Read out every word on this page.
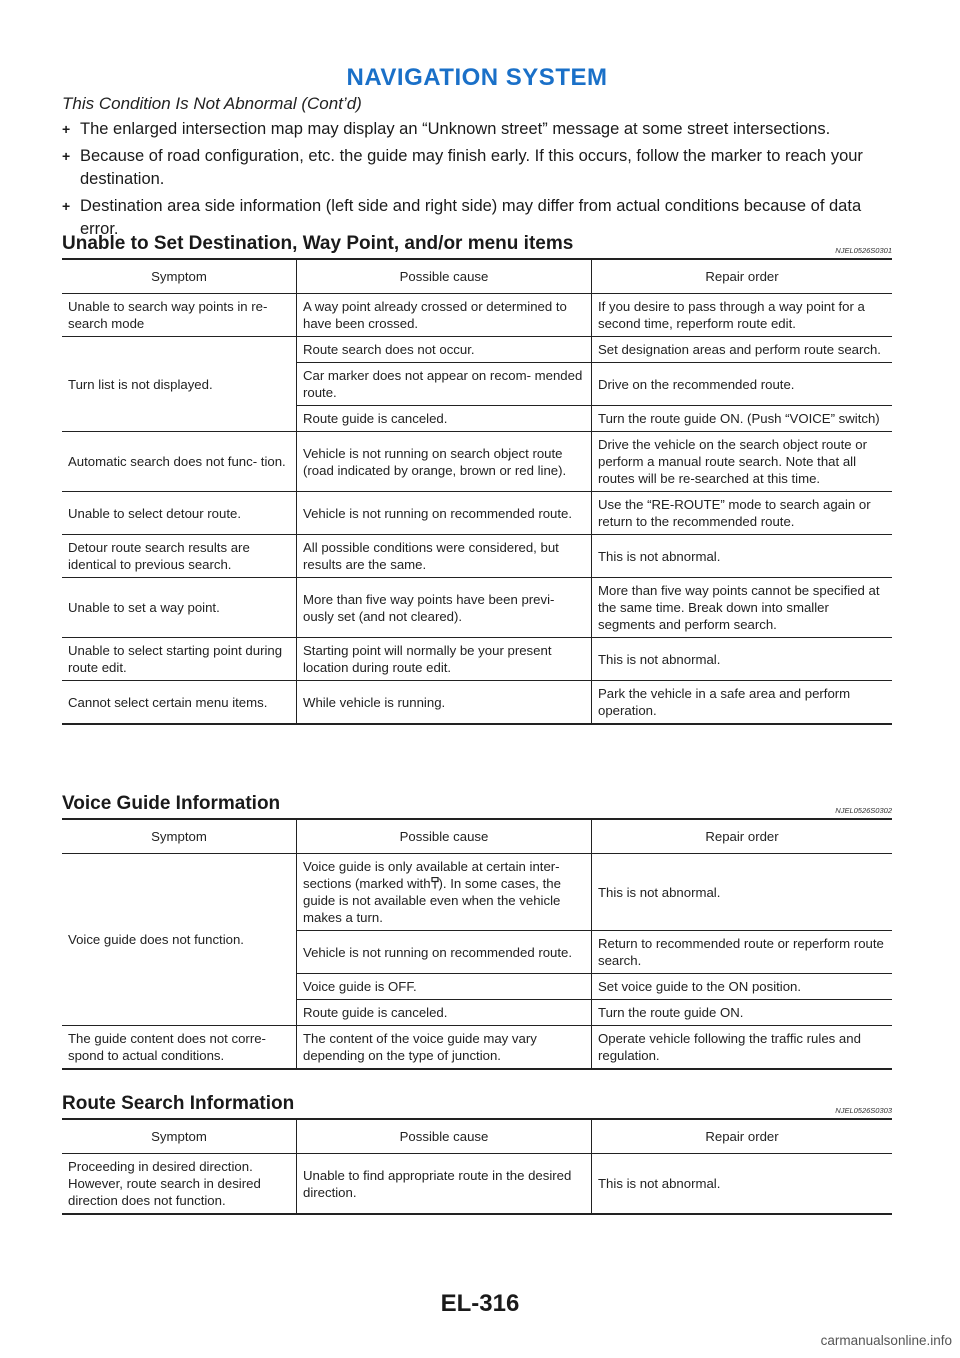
NAVIGATION SYSTEM
This Condition Is Not Abnormal (Cont’d)
+ The enlarged intersection map may display an “Unknown street” message at some street intersections.
+ Because of road configuration, etc. the guide may finish early. If this occurs, follow the marker to reach your destination.
+ Destination area side information (left side and right side) may differ from actual conditions because of data error.
Unable to Set Destination, Way Point, and/or menu items	NJEL0526S0301
Symptom	Possible cause	Repair order
Unable to search way points in re-search mode	A way point already crossed or determined to have been crossed.	If you desire to pass through a way point for a second time, reperform route edit.
Turn list is not displayed.	Route search does not occur.	Set designation areas and perform route search.
	Car marker does not appear on recom- mended route.	Drive on the recommended route.
	Route guide is canceled.	Turn the route guide ON. (Push “VOICE” switch)
Automatic search does not func- tion.	Vehicle is not running on search object route (road indicated by orange, brown or red line).	Drive the vehicle on the search object route or perform a manual route search. Note that all routes will be re-searched at this time.
Unable to select detour route.	Vehicle is not running on recommended route.	Use the “RE-ROUTE” mode to search again or return to the recommended route.
Detour route search results are identical to previous search.	All possible conditions were considered, but results are the same.	This is not abnormal.
Unable to set a way point.	More than five way points have been previ- ously set (and not cleared).	More than five way points cannot be specified at the same time. Break down into smaller segments and perform search.
Unable to select starting point during route edit.	Starting point will normally be your present location during route edit.	This is not abnormal.
Cannot select certain menu items.	While vehicle is running.	Park the vehicle in a safe area and perform operation.
Voice Guide Information	NJEL0526S0302
Symptom	Possible cause	Repair order
Voice guide does not function.	Voice guide is only available at certain inter- sections (marked with ). In some cases, the guide is not available even when the vehicle makes a turn.	This is not abnormal.
	Vehicle is not running on recommended route.	Return to recommended route or reperform route search.
	Voice guide is OFF.	Set voice guide to the ON position.
	Route guide is canceled.	Turn the route guide ON.
The guide content does not corre- spond to actual conditions.	The content of the voice guide may vary depending on the type of junction.	Operate vehicle following the traffic rules and regulation.
Route Search Information	NJEL0526S0303
Symptom	Possible cause	Repair order
Proceeding in desired direction. However, route search in desired direction does not function.	Unable to find appropriate route in the desired direction.	This is not abnormal.
EL-316
carmanualsonline.info
